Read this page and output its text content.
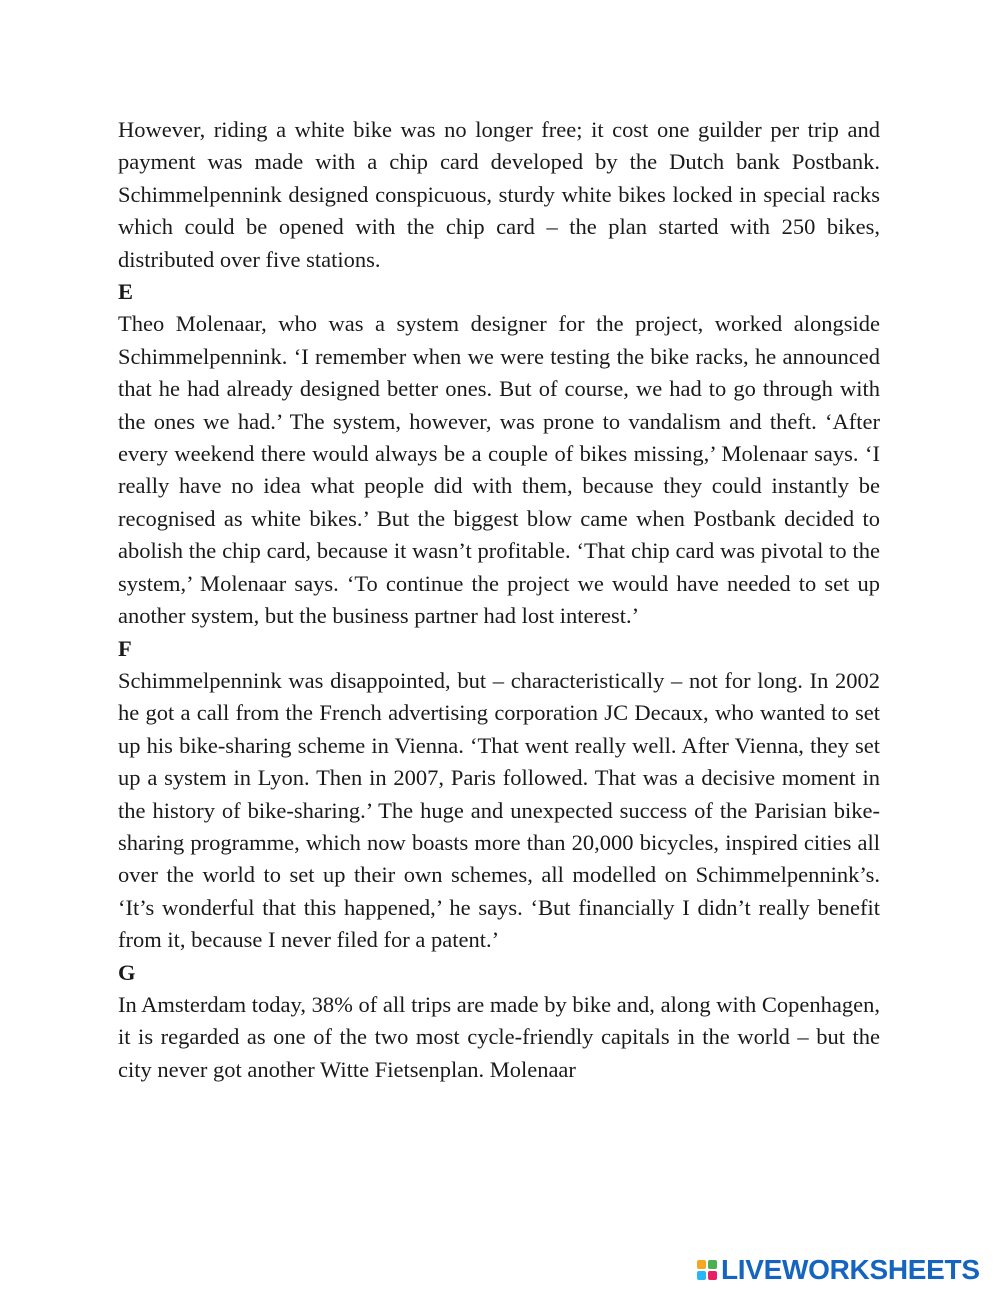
However, riding a white bike was no longer free; it cost one guilder per trip and payment was made with a chip card developed by the Dutch bank Postbank. Schimmelpennink designed conspicuous, sturdy white bikes locked in special racks which could be opened with the chip card – the plan started with 250 bikes, distributed over five stations.

E

Theo Molenaar, who was a system designer for the project, worked alongside Schimmelpennink. ‘I remember when we were testing the bike racks, he announced that he had already designed better ones. But of course, we had to go through with the ones we had.’ The system, however, was prone to vandalism and theft. ‘After every weekend there would always be a couple of bikes missing,’ Molenaar says. ‘I really have no idea what people did with them, because they could instantly be recognised as white bikes.’ But the biggest blow came when Postbank decided to abolish the chip card, because it wasn’t profitable. ‘That chip card was pivotal to the system,’ Molenaar says. ‘To continue the project we would have needed to set up another system, but the business partner had lost interest.’

F

Schimmelpennink was disappointed, but – characteristically – not for long. In 2002 he got a call from the French advertising corporation JC Decaux, who wanted to set up his bike-sharing scheme in Vienna. ‘That went really well. After Vienna, they set up a system in Lyon. Then in 2007, Paris followed. That was a decisive moment in the history of bike-sharing.’ The huge and unexpected success of the Parisian bike-sharing programme, which now boasts more than 20,000 bicycles, inspired cities all over the world to set up their own schemes, all modelled on Schimmelpennink’s. ‘It’s wonderful that this happened,’ he says. ‘But financially I didn’t really benefit from it, because I never filed for a patent.’

G

In Amsterdam today, 38% of all trips are made by bike and, along with Copenhagen, it is regarded as one of the two most cycle-friendly capitals in the world – but the city never got another Witte Fietsenplan. Molenaar

LIVEWORKSHEETS
